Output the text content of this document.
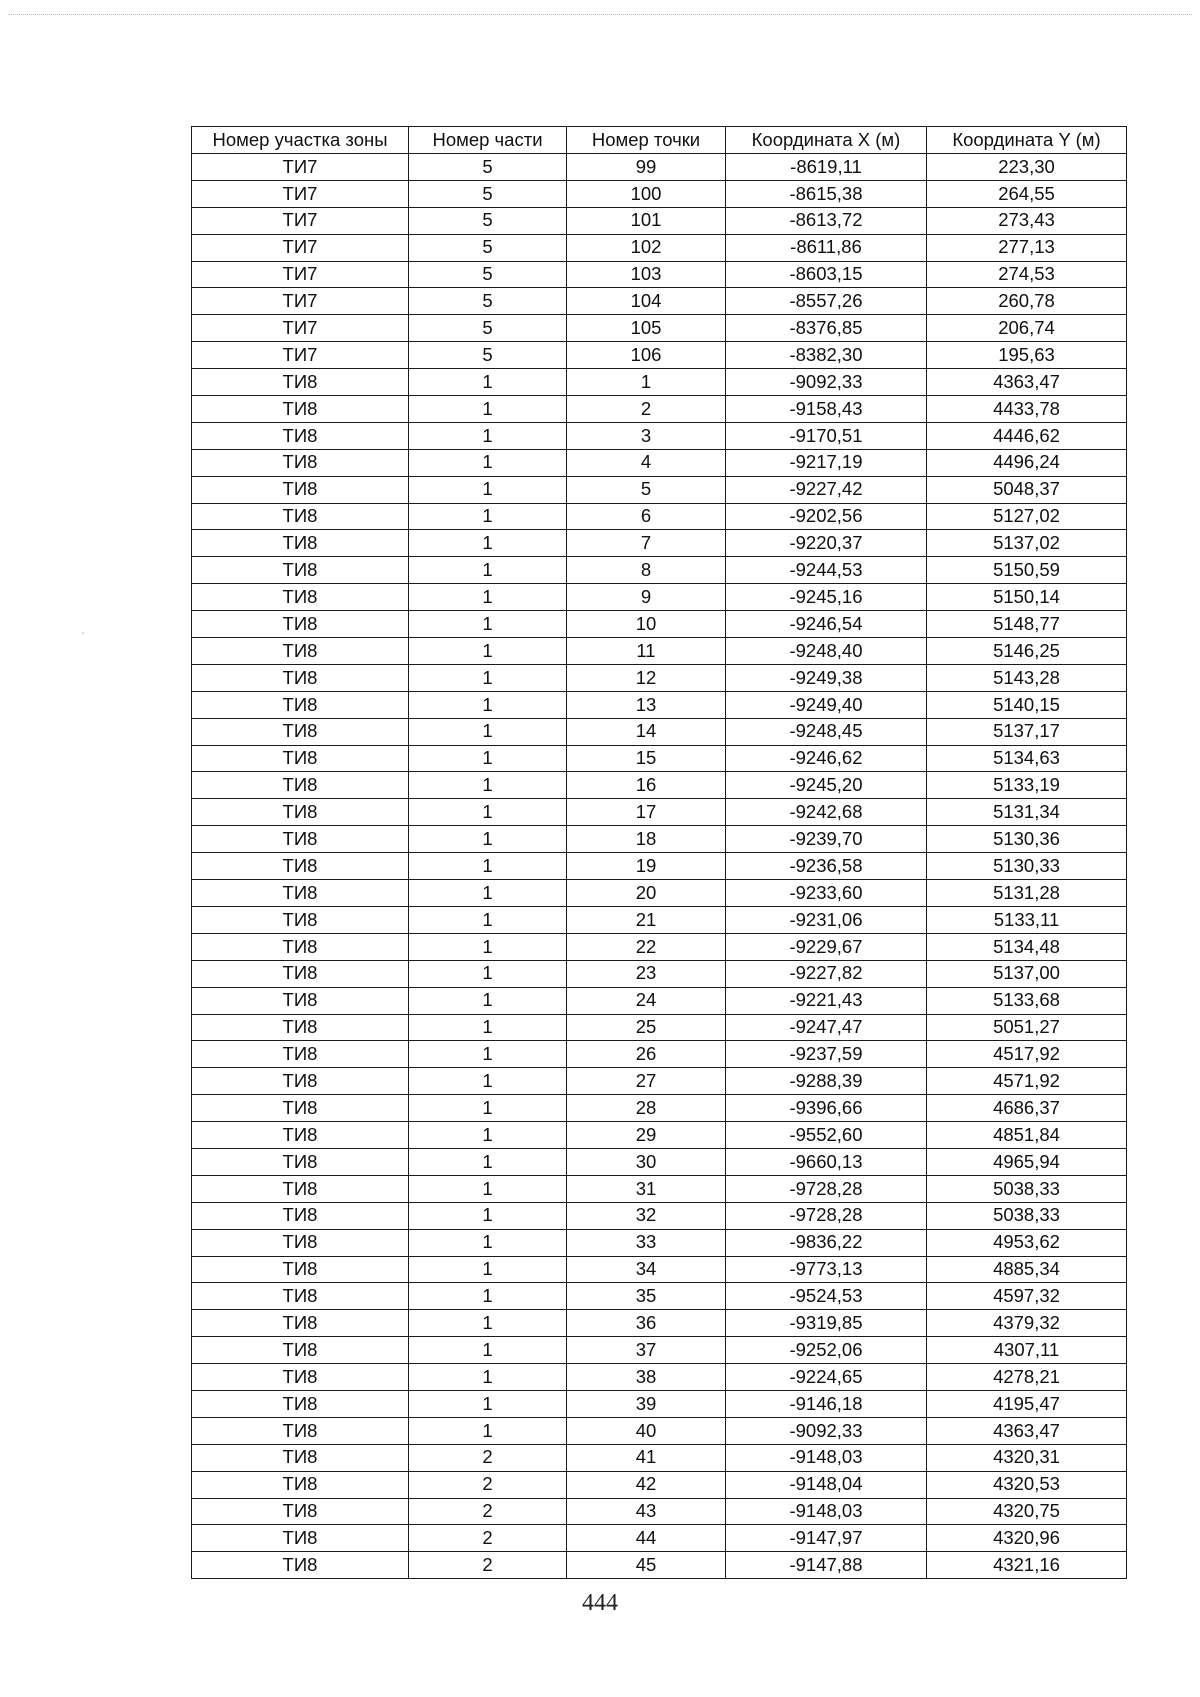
Номер участка зоны	Номер части	Номер точки	Координата X (м)	Координата Y (м)
ТИ7	5	99	-8619,11	223,30
ТИ7	5	100	-8615,38	264,55
ТИ7	5	101	-8613,72	273,43
ТИ7	5	102	-8611,86	277,13
ТИ7	5	103	-8603,15	274,53
ТИ7	5	104	-8557,26	260,78
ТИ7	5	105	-8376,85	206,74
ТИ7	5	106	-8382,30	195,63
ТИ8	1	1	-9092,33	4363,47
ТИ8	1	2	-9158,43	4433,78
ТИ8	1	3	-9170,51	4446,62
ТИ8	1	4	-9217,19	4496,24
ТИ8	1	5	-9227,42	5048,37
ТИ8	1	6	-9202,56	5127,02
ТИ8	1	7	-9220,37	5137,02
ТИ8	1	8	-9244,53	5150,59
ТИ8	1	9	-9245,16	5150,14
ТИ8	1	10	-9246,54	5148,77
ТИ8	1	11	-9248,40	5146,25
ТИ8	1	12	-9249,38	5143,28
ТИ8	1	13	-9249,40	5140,15
ТИ8	1	14	-9248,45	5137,17
ТИ8	1	15	-9246,62	5134,63
ТИ8	1	16	-9245,20	5133,19
ТИ8	1	17	-9242,68	5131,34
ТИ8	1	18	-9239,70	5130,36
ТИ8	1	19	-9236,58	5130,33
ТИ8	1	20	-9233,60	5131,28
ТИ8	1	21	-9231,06	5133,11
ТИ8	1	22	-9229,67	5134,48
ТИ8	1	23	-9227,82	5137,00
ТИ8	1	24	-9221,43	5133,68
ТИ8	1	25	-9247,47	5051,27
ТИ8	1	26	-9237,59	4517,92
ТИ8	1	27	-9288,39	4571,92
ТИ8	1	28	-9396,66	4686,37
ТИ8	1	29	-9552,60	4851,84
ТИ8	1	30	-9660,13	4965,94
ТИ8	1	31	-9728,28	5038,33
ТИ8	1	32	-9728,28	5038,33
ТИ8	1	33	-9836,22	4953,62
ТИ8	1	34	-9773,13	4885,34
ТИ8	1	35	-9524,53	4597,32
ТИ8	1	36	-9319,85	4379,32
ТИ8	1	37	-9252,06	4307,11
ТИ8	1	38	-9224,65	4278,21
ТИ8	1	39	-9146,18	4195,47
ТИ8	1	40	-9092,33	4363,47
ТИ8	2	41	-9148,03	4320,31
ТИ8	2	42	-9148,04	4320,53
ТИ8	2	43	-9148,03	4320,75
ТИ8	2	44	-9147,97	4320,96
ТИ8	2	45	-9147,88	4321,16
444
